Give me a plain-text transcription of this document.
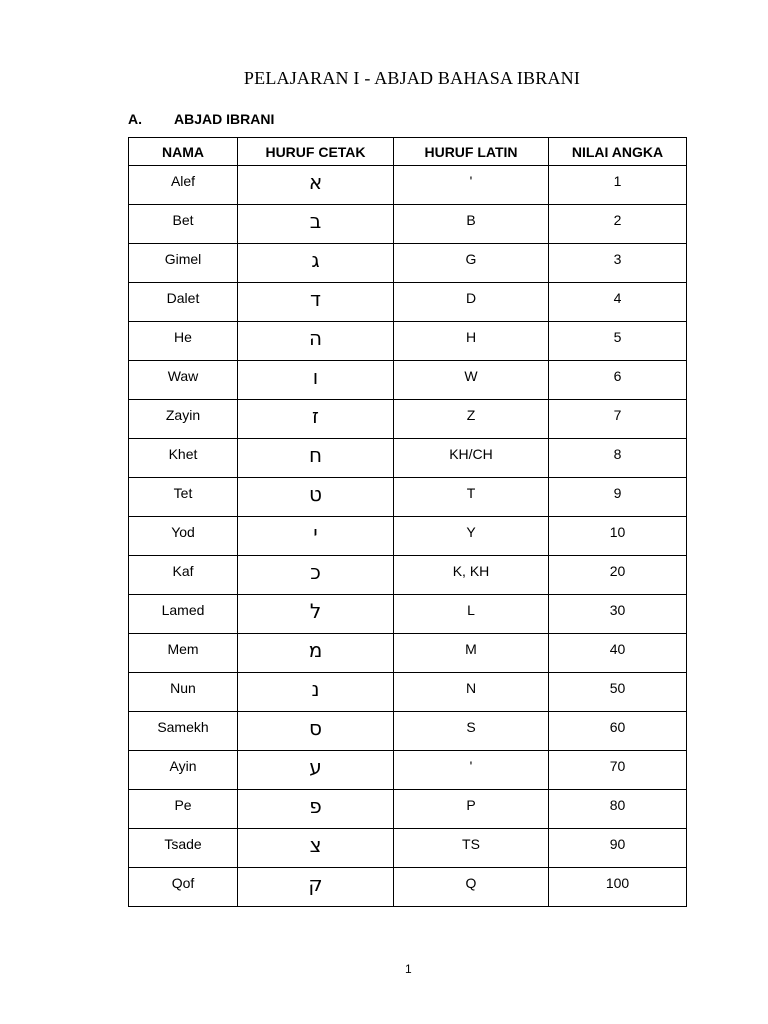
PELAJARAN I - ABJAD BAHASA IBRANI
A. ABJAD IBRANI
NAMA	HURUF CETAK	HURUF LATIN	NILAI ANGKA
Alef	א	'	1
Bet	ב	B	2
Gimel	ג	G	3
Dalet	ד	D	4
He	ה	H	5
Waw	ו	W	6
Zayin	ז	Z	7
Khet	ח	KH/CH	8
Tet	ט	T	9
Yod	י	Y	10
Kaf	כ	K, KH	20
Lamed	ל	L	30
Mem	מ	M	40
Nun	נ	N	50
Samekh	ס	S	60
Ayin	ע	'	70
Pe	פ	P	80
Tsade	צ	TS	90
Qof	ק	Q	100
1
